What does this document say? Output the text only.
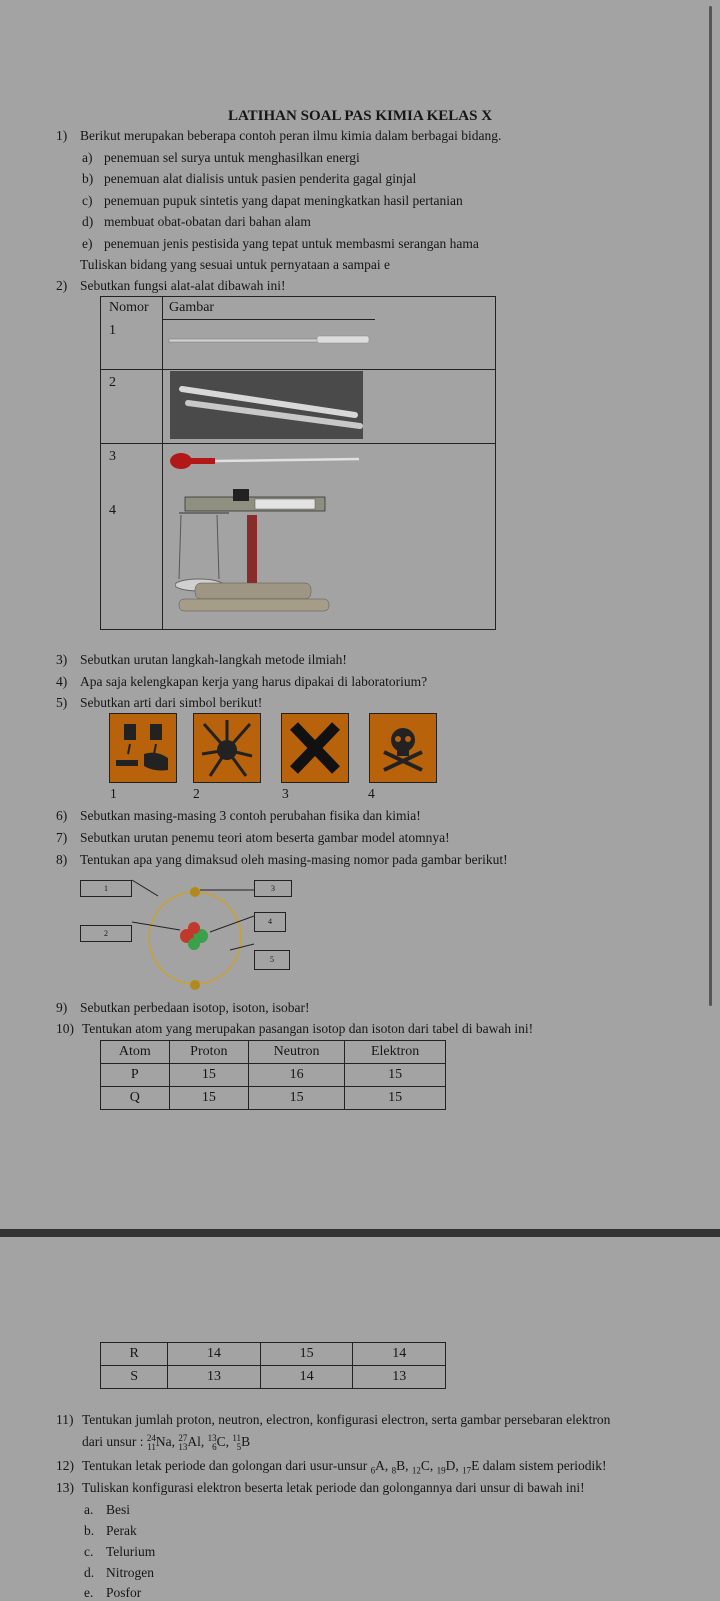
LATIHAN SOAL PAS KIMIA KELAS X
1) Berikut merupakan beberapa contoh peran ilmu kimia dalam berbagai bidang.
a) penemuan sel surya untuk menghasilkan energi
b) penemuan alat dialisis untuk pasien penderita gagal ginjal
c) penemuan pupuk sintetis yang dapat meningkatkan hasil pertanian
d) membuat obat-obatan dari bahan alam
e) penemuan jenis pestisida yang tepat untuk membasmi serangan hama
Tuliskan bidang yang sesuai untuk pernyataan a sampai e
2) Sebutkan fungsi alat-alat dibawah ini!
Nomor Gambar
1
2
3
4
3) Sebutkan urutan langkah-langkah metode ilmiah!
4) Apa saja kelengkapan kerja yang harus dipakai di laboratorium?
5) Sebutkan arti dari simbol berikut!
1	2	3	4
6) Sebutkan masing-masing 3 contoh perubahan fisika dan kimia!
7) Sebutkan urutan penemu teori atom beserta gambar model atomnya!
8) Tentukan apa yang dimaksud oleh masing-masing nomor pada gambar berikut!
1
2
3
4
5
9) Sebutkan perbedaan isotop, isoton, isobar!
10) Tentukan atom yang merupakan pasangan isotop dan isoton dari tabel di bawah ini!
Atom	Proton	Neutron	Elektron
P	15	16	15
Q	15	15	15
R	14	15	14
S	13	14	13
11) Tentukan jumlah proton, neutron, electron, konfigurasi electron, serta gambar persebaran elektron
dari unsur : 24
11 Na, 27
13 Al, 13
6 C, 11
5 B
12) Tentukan letak periode dan golongan dari usur-unsur $_6$A, $_8$B, $_{12}$C, $_{19}$D, $_{17}$E dalam sistem periodik!
13) Tuliskan konfigurasi elektron beserta letak periode dan golongannya dari unsur di bawah ini!
a. Besi
b. Perak
c. Telurium
d. Nitrogen
e. Posfor
